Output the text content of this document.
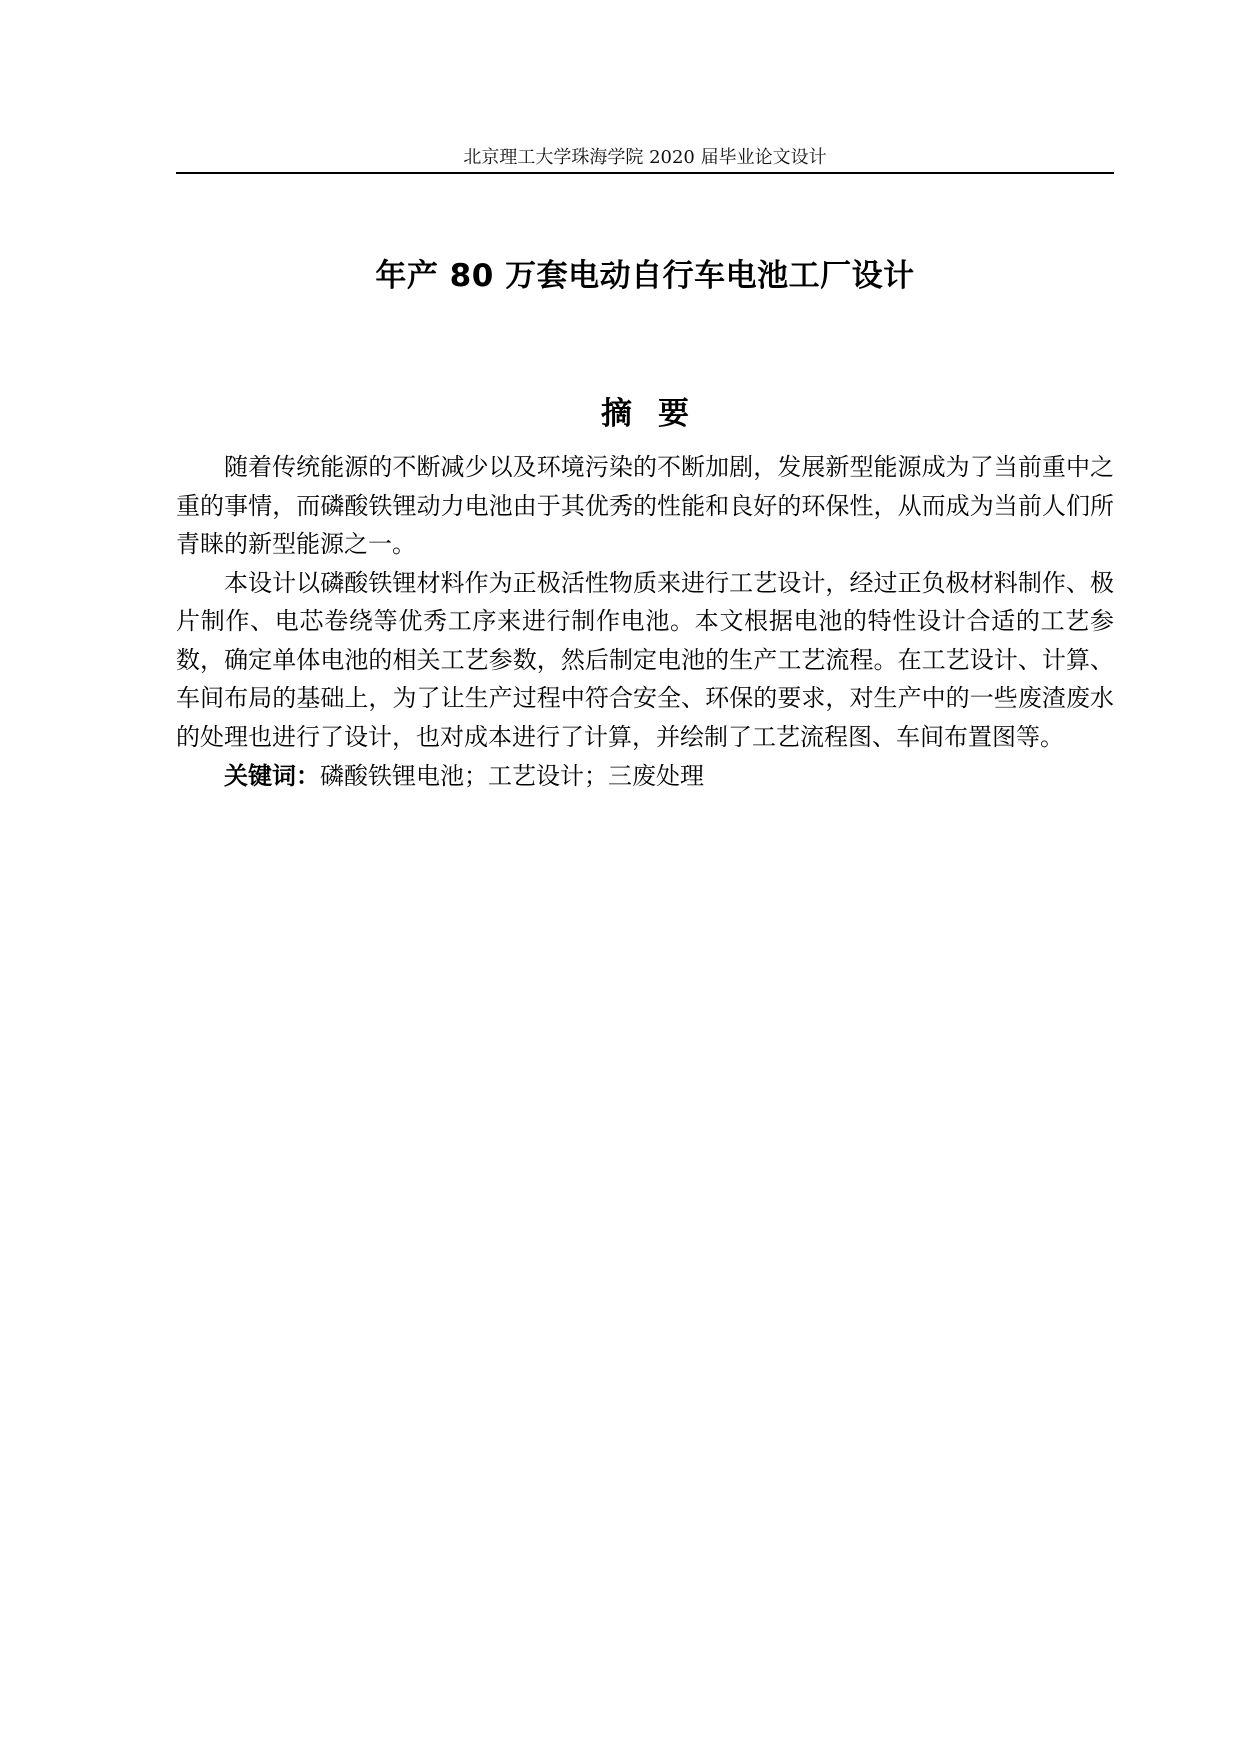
北京理工大学珠海学院 2020 届毕业论文设计
年产 80 万套电动自行车电池工厂设计
摘要

随着传统能源的不断减少以及环境污染的不断加剧，发展新型能源成为了当前重中之重的事情，而磷酸铁锂动力电池由于其优秀的性能和良好的环保性，从而成为当前人们所青睐的新型能源之一。

本设计以磷酸铁锂材料作为正极活性物质来进行工艺设计，经过正负极材料制作、极片制作、电芯卷绕等优秀工序来进行制作电池。本文根据电池的特性设计合适的工艺参数，确定单体电池的相关工艺参数，然后制定电池的生产工艺流程。在工艺设计、计算、车间布局的基础上，为了让生产过程中符合安全、环保的要求，对生产中的一些废渣废水的处理也进行了设计，也对成本进行了计算，并绘制了工艺流程图、车间布置图等。

关键词：磷酸铁锂电池；工艺设计；三废处理
